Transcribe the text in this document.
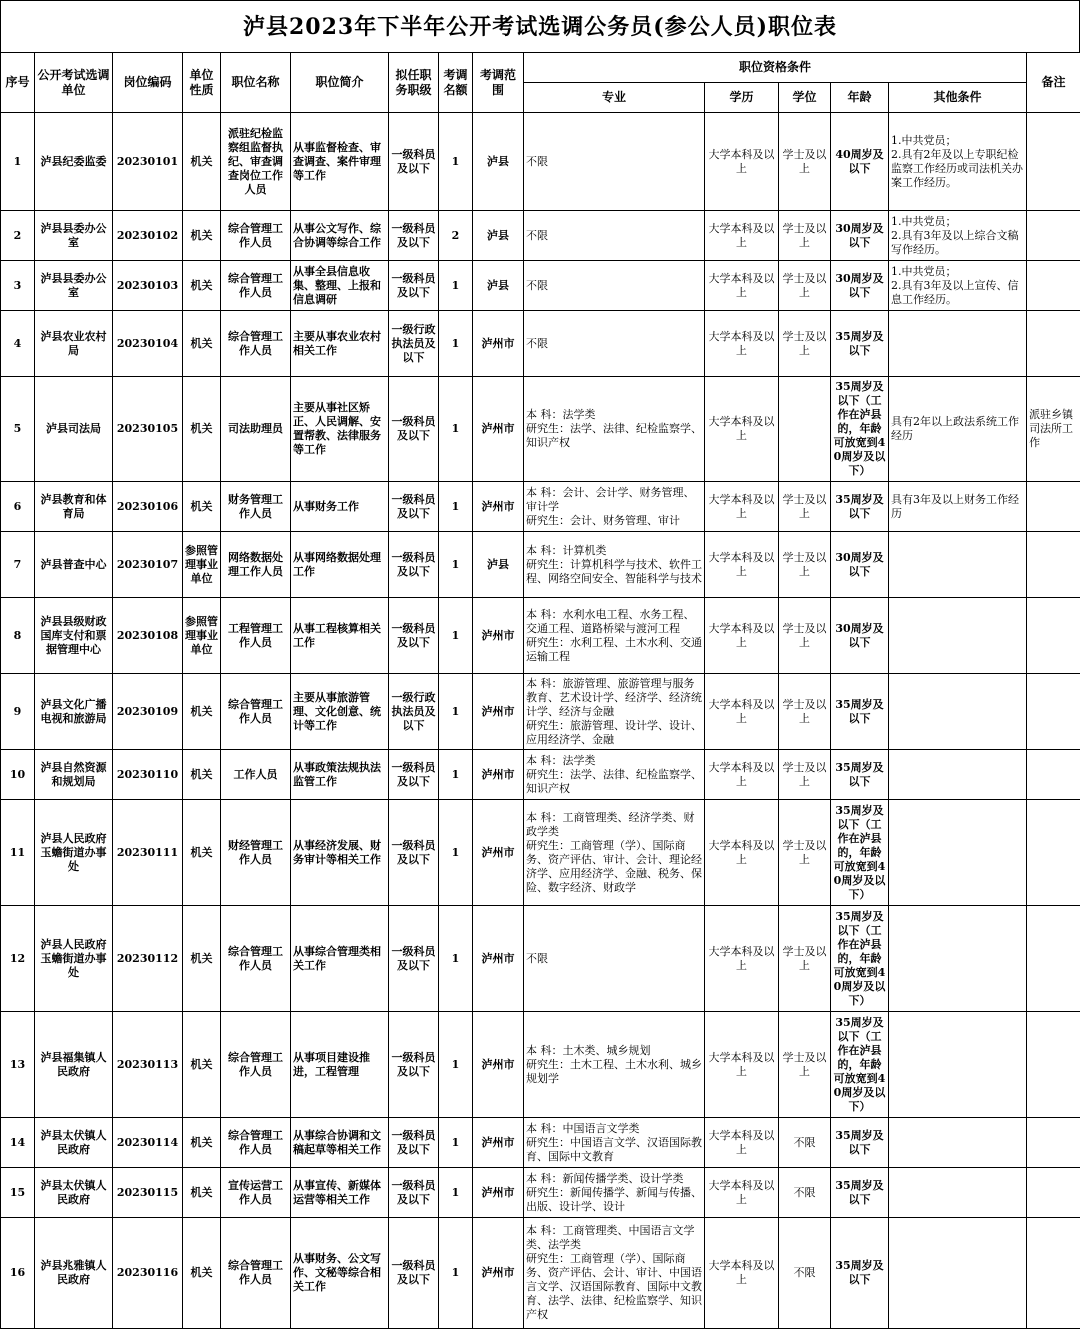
泸县2023年下半年公开考试选调公务员(参公人员)职位表
序号	公开考试选调单位	岗位编码	单位性质	职位名称	职位简介	拟任职务职级	考调名额	考调范围	职位资格条件					备注
									专业	学历	学位	年龄	其他条件	
1	泸县纪委监委	20230101	机关	派驻纪检监察组监督执纪、审查调查岗位工作人员	从事监督检查、审查调查、案件审理等工作	一级科员及以下	1	泸县	不限	大学本科及以上	学士及以上	40周岁及以下	1.中共党员；
2.具有2年及以上专职纪检监察工作经历或司法机关办案工作经历。	
2	泸县县委办公室	20230102	机关	综合管理工作人员	从事公文写作、综合协调等综合工作	一级科员及以下	2	泸县	不限	大学本科及以上	学士及以上	30周岁及以下	1.中共党员；
2.具有3年及以上综合文稿写作经历。	
3	泸县县委办公室	20230103	机关	综合管理工作人员	从事全县信息收集、整理、上报和信息调研	一级科员及以下	1	泸县	不限	大学本科及以上	学士及以上	30周岁及以下	1.中共党员；
2.具有3年及以上宣传、信息工作经历。	
4	泸县农业农村局	20230104	机关	综合管理工作人员	主要从事农业农村相关工作	一级行政执法员及以下	1	泸州市	不限	大学本科及以上	学士及以上	35周岁及以下		
5	泸县司法局	20230105	机关	司法助理员	主要从事社区矫正、人民调解、安置帮教、法律服务等工作	一级科员及以下	1	泸州市	本 科：法学类
研究生：法学、法律、纪检监察学、知识产权	大学本科及以上		35周岁及以下（工作在泸县的，年龄可放宽到40周岁及以下）	具有2年以上政法系统工作经历	派驻乡镇司法所工作
6	泸县教育和体育局	20230106	机关	财务管理工作人员	从事财务工作	一级科员及以下	1	泸州市	本 科：会计、会计学、财务管理、审计学
研究生：会计、财务管理、审计	大学本科及以上	学士及以上	35周岁及以下	具有3年及以上财务工作经历	
7	泸县普查中心	20230107	参照管理事业单位	网络数据处理工作人员	从事网络数据处理工作	一级科员及以下	1	泸县	本 科：计算机类
研究生：计算机科学与技术、软件工程、网络空间安全、智能科学与技术	大学本科及以上	学士及以上	30周岁及以下		
8	泸县县级财政国库支付和票据管理中心	20230108	参照管理事业单位	工程管理工作人员	从事工程核算相关工作	一级科员及以下	1	泸州市	本 科：水利水电工程、水务工程、交通工程、道路桥梁与渡河工程
研究生：水利工程、土木水利、交通运输工程	大学本科及以上	学士及以上	30周岁及以下		
9	泸县文化广播电视和旅游局	20230109	机关	综合管理工作人员	主要从事旅游管理、文化创意、统计等工作	一级行政执法员及以下	1	泸州市	本 科：旅游管理、旅游管理与服务教育、艺术设计学、经济学、经济统计学、经济与金融
研究生：旅游管理、设计学、设计、应用经济学、金融	大学本科及以上	学士及以上	35周岁及以下		
10	泸县自然资源和规划局	20230110	机关	工作人员	从事政策法规执法监管工作	一级科员及以下	1	泸州市	本 科：法学类
研究生：法学、法律、纪检监察学、知识产权	大学本科及以上	学士及以上	35周岁及以下		
11	泸县人民政府玉蟾街道办事处	20230111	机关	财经管理工作人员	从事经济发展、财务审计等相关工作	一级科员及以下	1	泸州市	本 科：工商管理类、经济学类、财政学类
研究生：工商管理（学）、国际商务、资产评估、审计、会计、理论经济学、应用经济学、金融、税务、保险、数字经济、财政学	大学本科及以上	学士及以上	35周岁及以下（工作在泸县的，年龄可放宽到40周岁及以下）		
12	泸县人民政府玉蟾街道办事处	20230112	机关	综合管理工作人员	从事综合管理类相关工作	一级科员及以下	1	泸州市	不限	大学本科及以上	学士及以上	35周岁及以下（工作在泸县的，年龄可放宽到40周岁及以下）		
13	泸县福集镇人民政府	20230113	机关	综合管理工作人员	从事项目建设推进，工程管理	一级科员及以下	1	泸州市	本 科：土木类、城乡规划
研究生：土木工程、土木水利、城乡规划学	大学本科及以上	学士及以上	35周岁及以下（工作在泸县的，年龄可放宽到40周岁及以下）		
14	泸县太伏镇人民政府	20230114	机关	综合管理工作人员	从事综合协调和文稿起草等相关工作	一级科员及以下	1	泸州市	本 科：中国语言文学类
研究生：中国语言文学、汉语国际教育、国际中文教育	大学本科及以上	不限	35周岁及以下		
15	泸县太伏镇人民政府	20230115	机关	宣传运营工作人员	从事宣传、新媒体运营等相关工作	一级科员及以下	1	泸州市	本 科：新闻传播学类、设计学类
研究生：新闻传播学、新闻与传播、出版、设计学、设计	大学本科及以上	不限	35周岁及以下		
16	泸县兆雅镇人民政府	20230116	机关	综合管理工作人员	从事财务、公文写作、文秘等综合相关工作	一级科员及以下	1	泸州市	本 科：工商管理类、中国语言文学类、法学类
研究生：工商管理（学）、国际商务、资产评估、会计、审计、中国语言文学、汉语国际教育、国际中文教育、法学、法律、纪检监察学、知识产权	大学本科及以上	不限	35周岁及以下		
